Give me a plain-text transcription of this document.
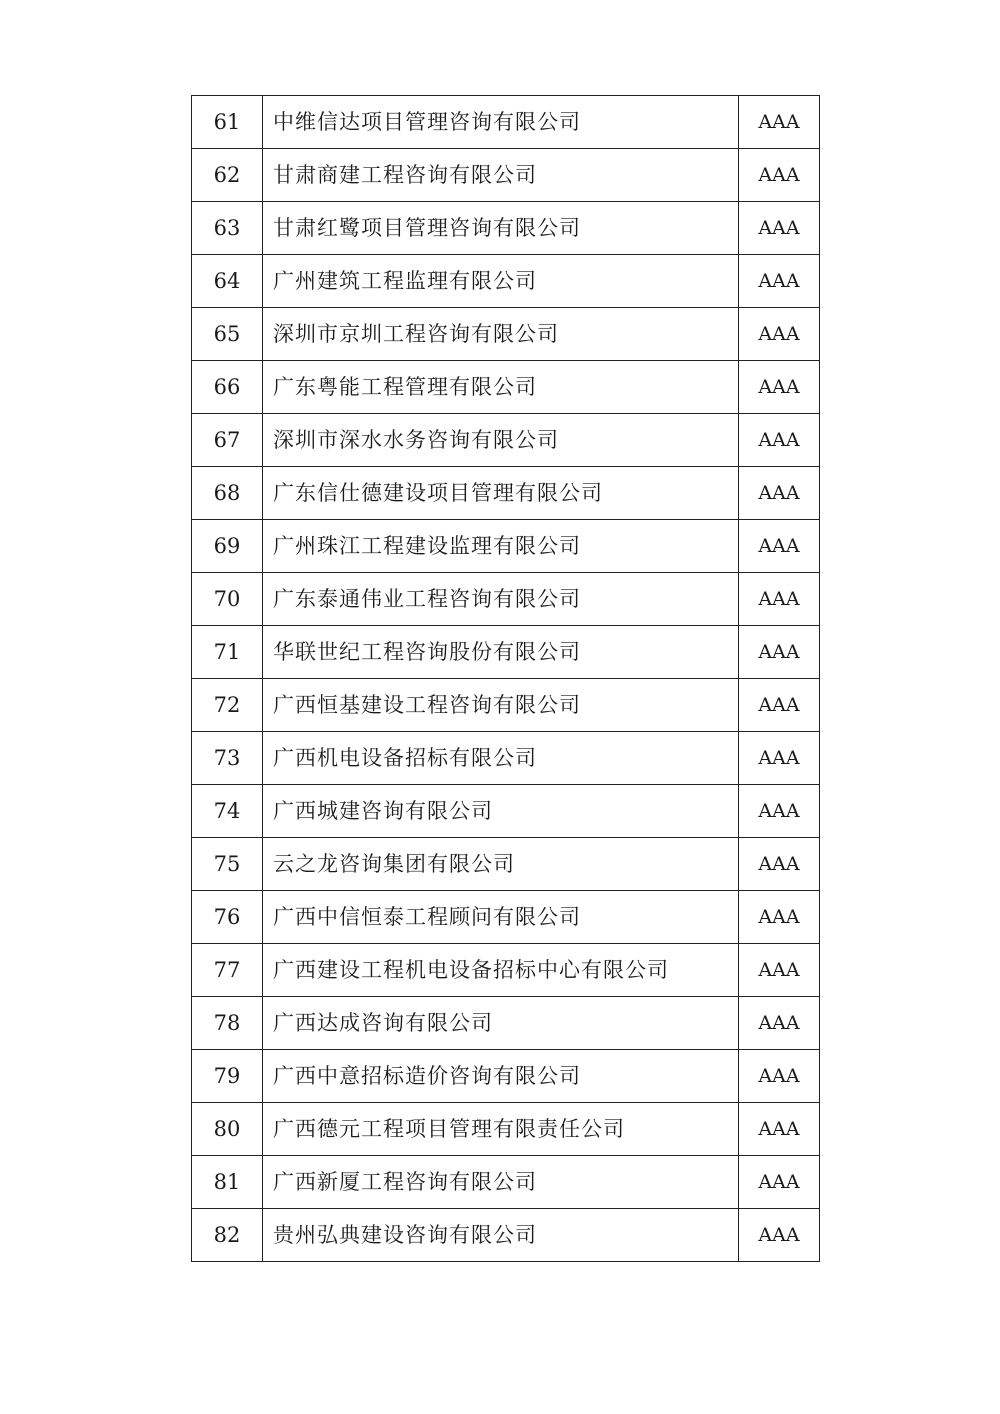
61	中维信达项目管理咨询有限公司	AAA
62	甘肃商建工程咨询有限公司	AAA
63	甘肃红鹭项目管理咨询有限公司	AAA
64	广州建筑工程监理有限公司	AAA
65	深圳市京圳工程咨询有限公司	AAA
66	广东粤能工程管理有限公司	AAA
67	深圳市深水水务咨询有限公司	AAA
68	广东信仕德建设项目管理有限公司	AAA
69	广州珠江工程建设监理有限公司	AAA
70	广东泰通伟业工程咨询有限公司	AAA
71	华联世纪工程咨询股份有限公司	AAA
72	广西恒基建设工程咨询有限公司	AAA
73	广西机电设备招标有限公司	AAA
74	广西城建咨询有限公司	AAA
75	云之龙咨询集团有限公司	AAA
76	广西中信恒泰工程顾问有限公司	AAA
77	广西建设工程机电设备招标中心有限公司	AAA
78	广西达成咨询有限公司	AAA
79	广西中意招标造价咨询有限公司	AAA
80	广西德元工程项目管理有限责任公司	AAA
81	广西新厦工程咨询有限公司	AAA
82	贵州弘典建设咨询有限公司	AAA
